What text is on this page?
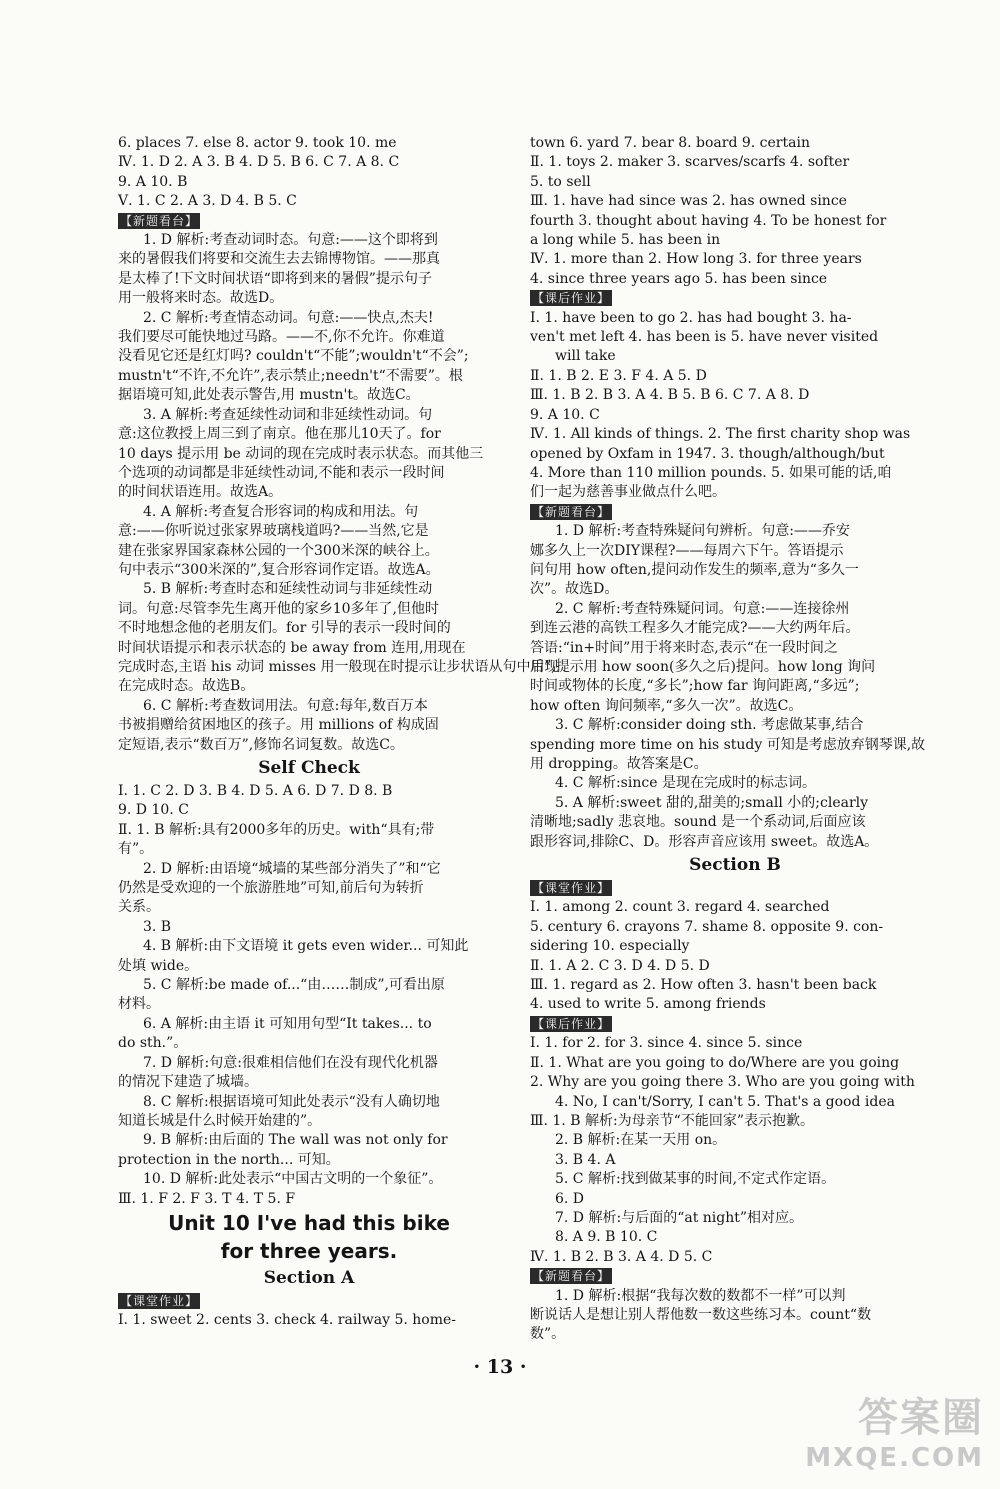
6. places 7. else 8. actor 9. took 10. me
Ⅳ. 1. D 2. A 3. B 4. D 5. B 6. C 7. A 8. C
9. A 10. B
Ⅴ. 1. C 2. A 3. D 4. B 5. C
【新题看台】
1. D 解析:考查动词时态。句意:——这个即将到
来的暑假我们将要和交流生去去锦博物馆。——那真
是太棒了!下文时间状语“即将到来的暑假”提示句子
用一般将来时态。故选D。
2. C 解析:考查情态动词。句意:——快点,杰夫!
我们要尽可能快地过马路。——不,你不允许。你难道
没看见它还是红灯吗? couldn't“不能”;wouldn't“不会”;
mustn't“不许,不允许”,表示禁止;needn't“不需要”。根
据语境可知,此处表示警告,用 mustn't。故选C。
3. A 解析:考查延续性动词和非延续性动词。句
意:这位教授上周三到了南京。他在那儿10天了。for
10 days 提示用 be 动词的现在完成时表示状态。而其他三
个选项的动词都是非延续性动词,不能和表示一段时间
的时间状语连用。故选A。
4. A 解析:考查复合形容词的构成和用法。句
意:——你听说过张家界玻璃栈道吗?——当然,它是
建在张家界国家森林公园的一个300米深的峡谷上。
句中表示“300米深的”,复合形容词作定语。故选A。
5. B 解析:考查时态和延续性动词与非延续性动
词。句意:尽管李先生离开他的家乡10多年了,但他时
不时地想念他的老朋友们。for 引导的表示一段时间的
时间状语提示和表示状态的 be away from 连用,用现在
完成时态,主语 his 动词 misses 用一般现在时提示让步状语从句中用现
在完成时态。故选B。
6. C 解析:考查数词用法。句意:每年,数百万本
书被捐赠给贫困地区的孩子。用 millions of 构成固
定短语,表示“数百万”,修饰名词复数。故选C。
Self Check
Ⅰ. 1. C 2. D 3. B 4. D 5. A 6. D 7. D 8. B
9. D 10. C
Ⅱ. 1. B 解析:具有2000多年的历史。with“具有;带
有”。
2. D 解析:由语境“城墙的某些部分消失了”和“它
仍然是受欢迎的一个旅游胜地”可知,前后句为转折
关系。
3. B
4. B 解析:由下文语境 it gets even wider... 可知此
处填 wide。
5. C 解析:be made of...“由……制成”,可看出原
材料。
6. A 解析:由主语 it 可知用句型“It takes... to
do sth.”。
7. D 解析:句意:很难相信他们在没有现代化机器
的情况下建造了城墙。
8. C 解析:根据语境可知此处表示“没有人确切地
知道长城是什么时候开始建的”。
9. B 解析:由后面的 The wall was not only for
protection in the north... 可知。
10. D 解析:此处表示“中国古文明的一个象征”。
Ⅲ. 1. F 2. F 3. T 4. T 5. F
Unit 10 I've had this bike
for three years.
Section A
【课堂作业】
Ⅰ. 1. sweet 2. cents 3. check 4. railway 5. home-
town 6. yard 7. bear 8. board 9. certain
Ⅱ. 1. toys 2. maker 3. scarves/scarfs 4. softer
5. to sell
Ⅲ. 1. have had since was 2. has owned since
fourth 3. thought about having 4. To be honest for
a long while 5. has been in
Ⅳ. 1. more than 2. How long 3. for three years
4. since three years ago 5. has been since
【课后作业】
Ⅰ. 1. have been to go 2. has had bought 3. ha-
ven't met left 4. has been is 5. have never visited
will take
Ⅱ. 1. B 2. E 3. F 4. A 5. D
Ⅲ. 1. B 2. B 3. A 4. B 5. B 6. C 7. A 8. D
9. A 10. C
Ⅳ. 1. All kinds of things. 2. The first charity shop was
opened by Oxfam in 1947. 3. though/although/but
4. More than 110 million pounds. 5. 如果可能的话,咱
们一起为慈善事业做点什么吧。
【新题看台】
1. D 解析:考查特殊疑问句辨析。句意:——乔安
娜多久上一次DIY课程?——每周六下午。答语提示
问句用 how often,提问动作发生的频率,意为“多久一
次”。故选D。
2. C 解析:考查特殊疑问词。句意:——连接徐州
到连云港的高铁工程多久才能完成?——大约两年后。
答语:“in+时间”用于将来时态,表示“在一段时间之
后”,提示用 how soon(多久之后)提问。how long 询问
时间或物体的长度,“多长”;how far 询问距离,“多远”;
how often 询问频率,“多久一次”。故选C。
3. C 解析:consider doing sth. 考虑做某事,结合
spending more time on his study 可知是考虑放弃钢琴课,故
用 dropping。故答案是C。
4. C 解析:since 是现在完成时的标志词。
5. A 解析:sweet 甜的,甜美的;small 小的;clearly
清晰地;sadly 悲哀地。sound 是一个系动词,后面应该
跟形容词,排除C、D。形容声音应该用 sweet。故选A。
Section B
【课堂作业】
Ⅰ. 1. among 2. count 3. regard 4. searched
5. century 6. crayons 7. shame 8. opposite 9. con-
sidering 10. especially
Ⅱ. 1. A 2. C 3. D 4. D 5. D
Ⅲ. 1. regard as 2. How often 3. hasn't been back
4. used to write 5. among friends
【课后作业】
Ⅰ. 1. for 2. for 3. since 4. since 5. since
Ⅱ. 1. What are you going to do/Where are you going
2. Why are you going there 3. Who are you going with
4. No, I can't/Sorry, I can't 5. That's a good idea
Ⅲ. 1. B 解析:为母亲节“不能回家”表示抱歉。
2. B 解析:在某一天用 on。
3. B 4. A
5. C 解析:找到做某事的时间,不定式作定语。
6. D
7. D 解析:与后面的“at night”相对应。
8. A 9. B 10. C
Ⅳ. 1. B 2. B 3. A 4. D 5. C
【新题看台】
1. D 解析:根据“我每次数的数都不一样”可以判
断说话人是想让别人帮他数一数这些练习本。count“数
数”。
· 13 ·
答案圈
MXQE.COM
